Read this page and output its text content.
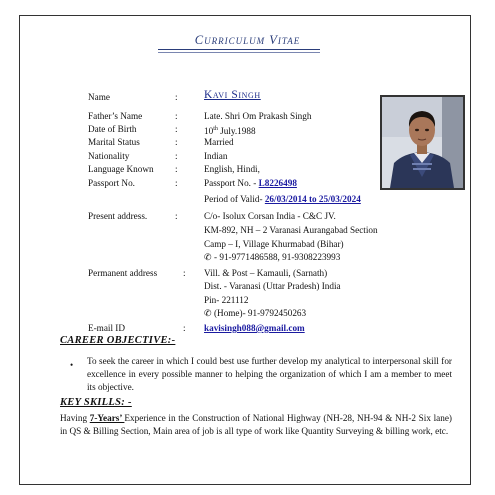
Curriculum Vitae
Name	: Kavi Singh
Father’s Name	:	Late. Shri Om Prakash Singh
Date of Birth	:	10th July.1988
Marital Status	:	Married
Nationality	:	Indian
Language Known :	English, Hindi,
Passport No.	:	Passport No. - L8226498
Period of Valid- 26/03/2014 to 25/03/2024
Present address.	:	C/o- Isolux Corsan India - C&C JV.
KM-892, NH – 2 Varanasi Aurangabad Section
Camp – I, Village Khurmabad (Bihar)
✆ - 91-9771486588, 91-9308223993
Permanent address	: Vill. & Post – Kamauli, (Sarnath)
Dist. - Varanasi (Uttar Pradesh) India
Pin- 221112
✆ (Home)- 91-9792450263
E-mail ID	: kavisingh088@gmail.com
CAREER OBJECTIVE:-
• To seek the career in which I could best use further develop my analytical to interpersonal skill for excellence in every possible manner to helping the organization of which I am a member to meet its objective.
KEY SKILLS: -
Having 7-Years’ Experience in the Construction of National Highway (NH-28, NH-94 & NH-2 Six lane) in QS & Billing Section, Main area of job is all type of work like Quantity Surveying & billing work, etc.
